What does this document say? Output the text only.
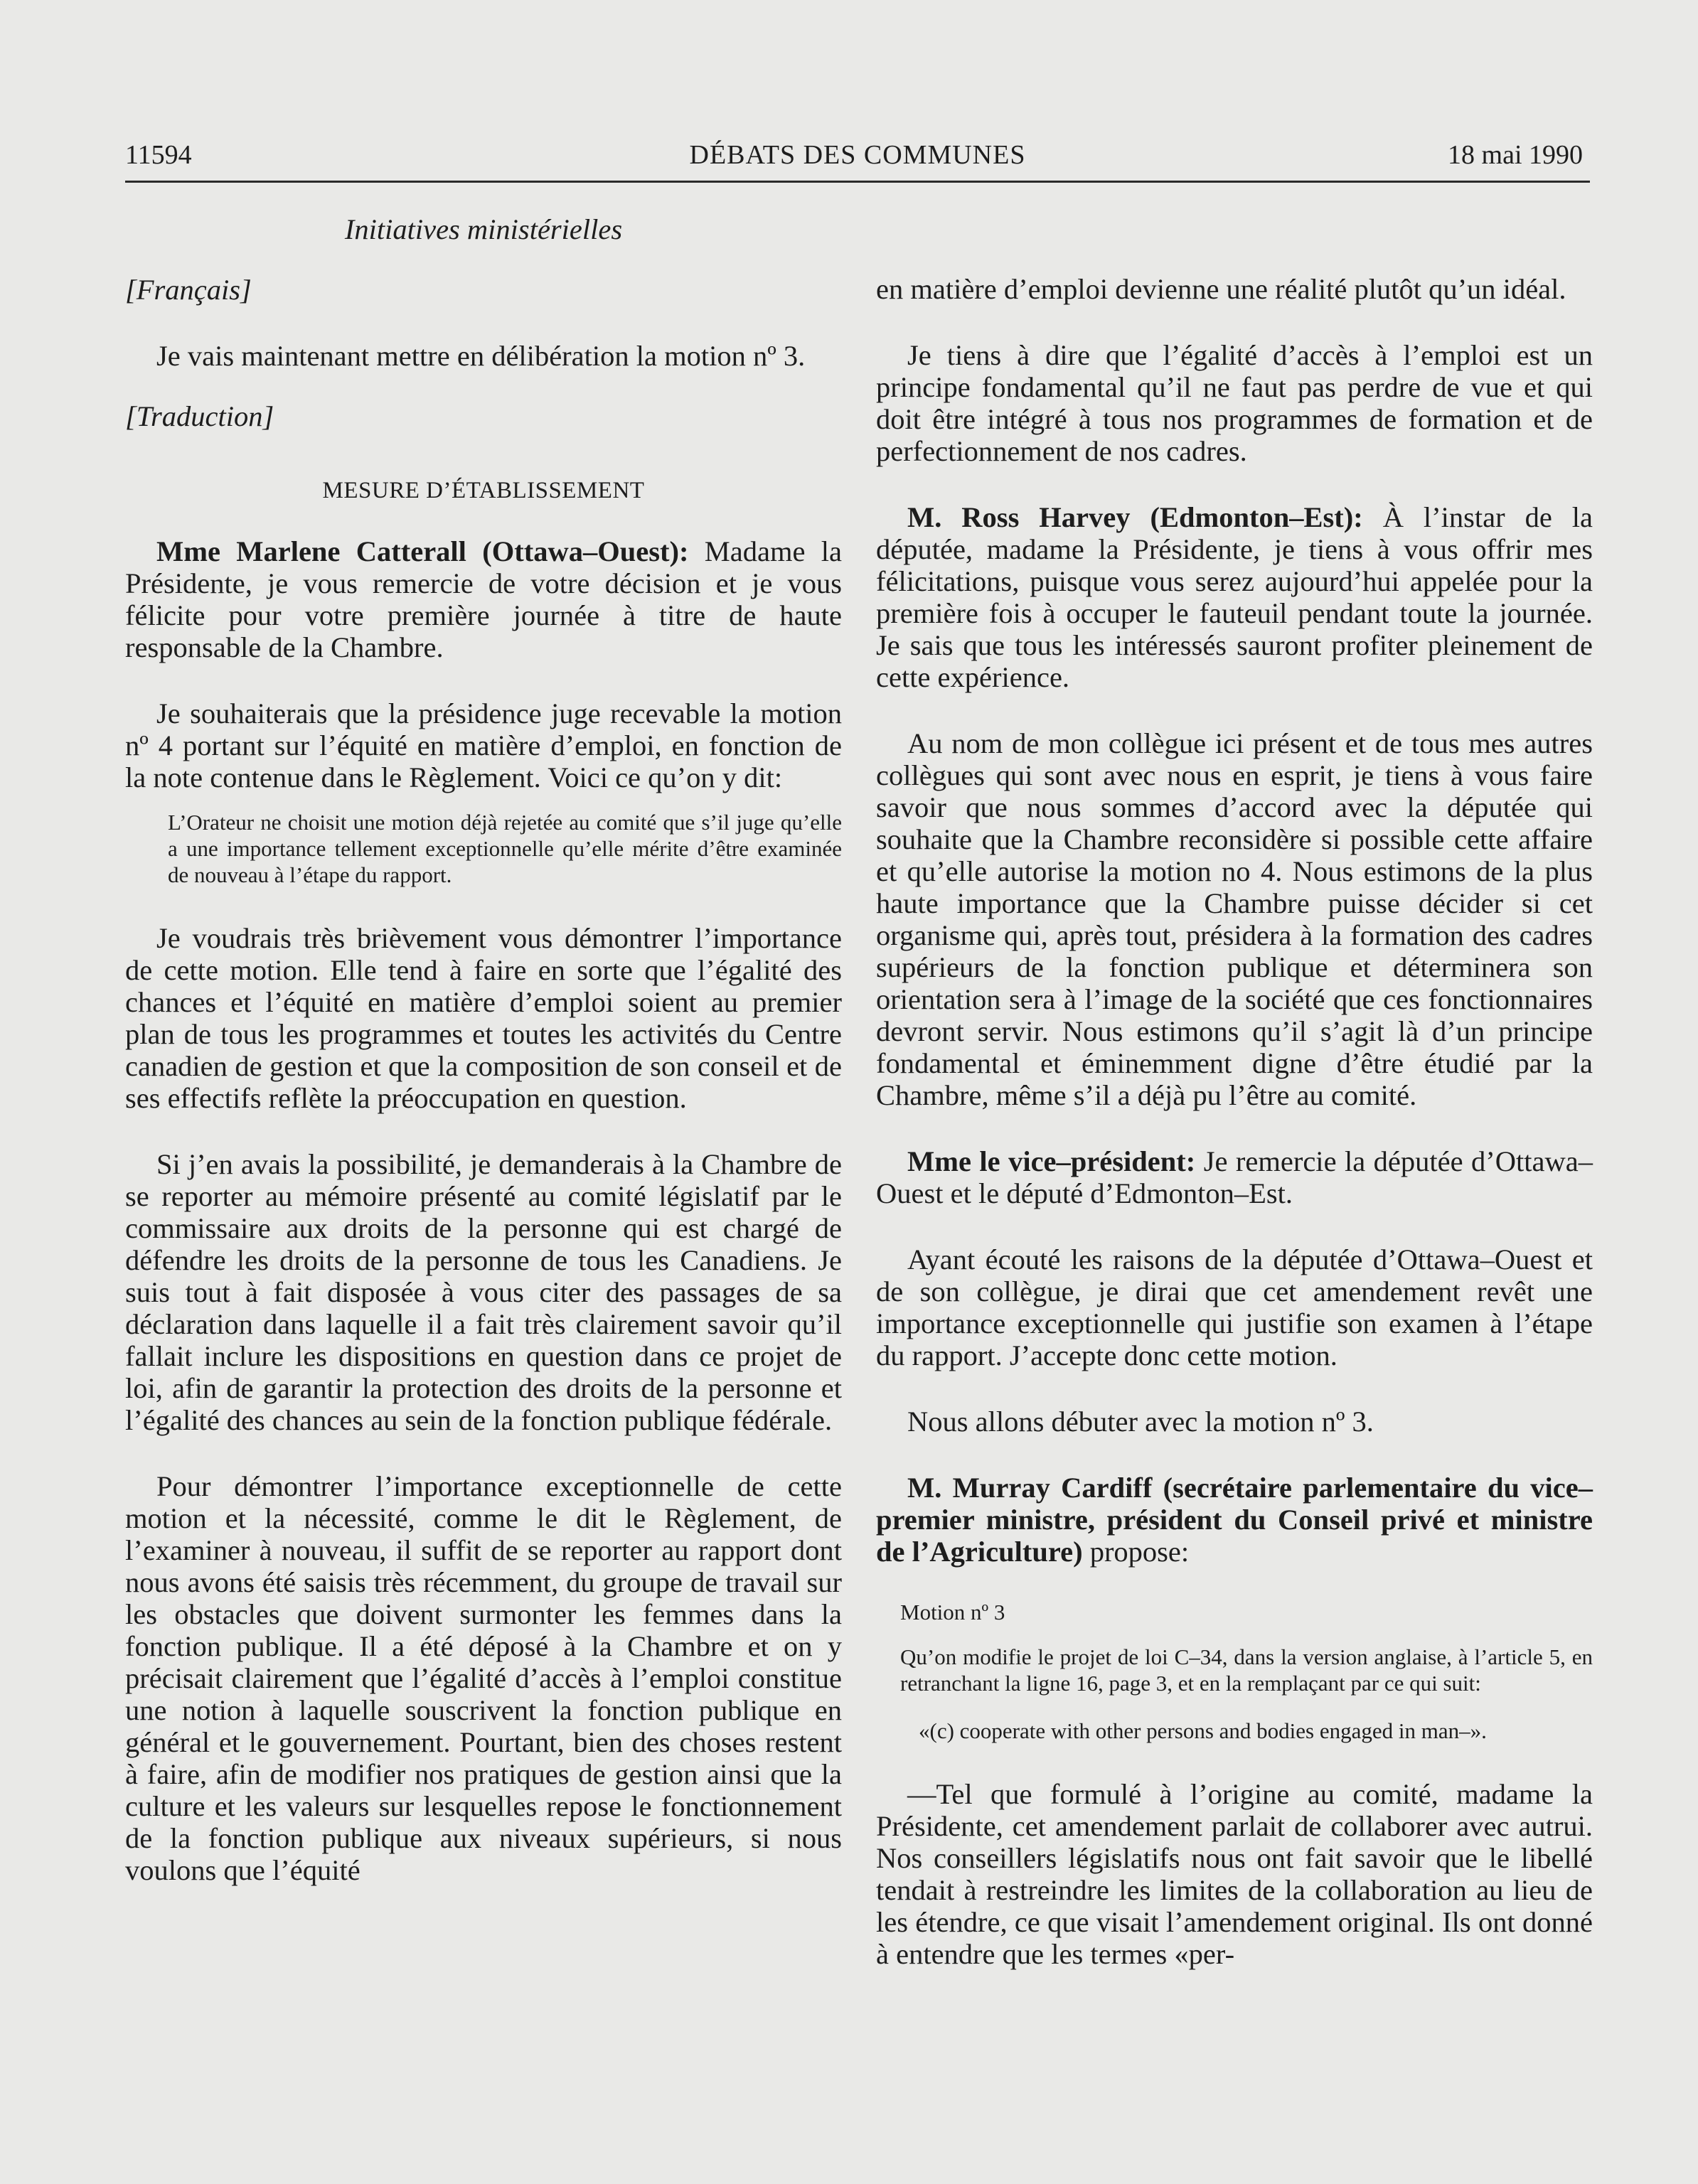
11594	DÉBATS DES COMMUNES	18 mai 1990

Initiatives ministérielles

[Français]

Je vais maintenant mettre en délibération la motion nº 3.

[Traduction]

MESURE D’ÉTABLISSEMENT

Mme Marlene Catterall (Ottawa–Ouest): Madame la Présidente, je vous remercie de votre décision et je vous félicite pour votre première journée à titre de haute responsable de la Chambre.

Je souhaiterais que la présidence juge recevable la motion nº 4 portant sur l’équité en matière d’emploi, en fonction de la note contenue dans le Règlement. Voici ce qu’on y dit:

L’Orateur ne choisit une motion déjà rejetée au comité que s’il juge qu’elle a une importance tellement exceptionnelle qu’elle mérite d’être examinée de nouveau à l’étape du rapport.

Je voudrais très brièvement vous démontrer l’importance de cette motion. Elle tend à faire en sorte que l’égalité des chances et l’équité en matière d’emploi soient au premier plan de tous les programmes et toutes les activités du Centre canadien de gestion et que la composition de son conseil et de ses effectifs reflète la préoccupation en question.

Si j’en avais la possibilité, je demanderais à la Chambre de se reporter au mémoire présenté au comité législatif par le commissaire aux droits de la personne qui est chargé de défendre les droits de la personne de tous les Canadiens. Je suis tout à fait disposée à vous citer des passages de sa déclaration dans laquelle il a fait très clairement savoir qu’il fallait inclure les dispositions en question dans ce projet de loi, afin de garantir la protection des droits de la personne et l’égalité des chances au sein de la fonction publique fédérale.

Pour démontrer l’importance exceptionnelle de cette motion et la nécessité, comme le dit le Règlement, de l’examiner à nouveau, il suffit de se reporter au rapport dont nous avons été saisis très récemment, du groupe de travail sur les obstacles que doivent surmonter les femmes dans la fonction publique. Il a été déposé à la Chambre et on y précisait clairement que l’égalité d’accès à l’emploi constitue une notion à laquelle souscrivent la fonction publique en général et le gouvernement. Pourtant, bien des choses restent à faire, afin de modifier nos pratiques de gestion ainsi que la culture et les valeurs sur lesquelles repose le fonctionnement de la fonction publique aux niveaux supérieurs, si nous voulons que l’équité

en matière d’emploi devienne une réalité plutôt qu’un idéal.

Je tiens à dire que l’égalité d’accès à l’emploi est un principe fondamental qu’il ne faut pas perdre de vue et qui doit être intégré à tous nos programmes de formation et de perfectionnement de nos cadres.

M. Ross Harvey (Edmonton–Est): À l’instar de la députée, madame la Présidente, je tiens à vous offrir mes félicitations, puisque vous serez aujourd’hui appelée pour la première fois à occuper le fauteuil pendant toute la journée. Je sais que tous les intéressés sauront profiter pleinement de cette expérience.

Au nom de mon collègue ici présent et de tous mes autres collègues qui sont avec nous en esprit, je tiens à vous faire savoir que nous sommes d’accord avec la députée qui souhaite que la Chambre reconsidère si possible cette affaire et qu’elle autorise la motion no 4. Nous estimons de la plus haute importance que la Chambre puisse décider si cet organisme qui, après tout, présidera à la formation des cadres supérieurs de la fonction publique et déterminera son orientation sera à l’image de la société que ces fonctionnaires devront servir. Nous estimons qu’il s’agit là d’un principe fondamental et éminemment digne d’être étudié par la Chambre, même s’il a déjà pu l’être au comité.

Mme le vice–président: Je remercie la députée d’Ottawa–Ouest et le député d’Edmonton–Est.

Ayant écouté les raisons de la députée d’Ottawa–Ouest et de son collègue, je dirai que cet amendement revêt une importance exceptionnelle qui justifie son examen à l’étape du rapport. J’accepte donc cette motion.

Nous allons débuter avec la motion nº 3.

M. Murray Cardiff (secrétaire parlementaire du vice–premier ministre, président du Conseil privé et ministre de l’Agriculture) propose:

Motion nº 3

Qu’on modifie le projet de loi C–34, dans la version anglaise, à l’article 5, en retranchant la ligne 16, page 3, et en la remplaçant par ce qui suit:

«(c) cooperate with other persons and bodies engaged in man–».

—Tel que formulé à l’origine au comité, madame la Présidente, cet amendement parlait de collaborer avec autrui. Nos conseillers législatifs nous ont fait savoir que le libellé tendait à restreindre les limites de la collaboration au lieu de les étendre, ce que visait l’amendement original. Ils ont donné à entendre que les termes «per-
